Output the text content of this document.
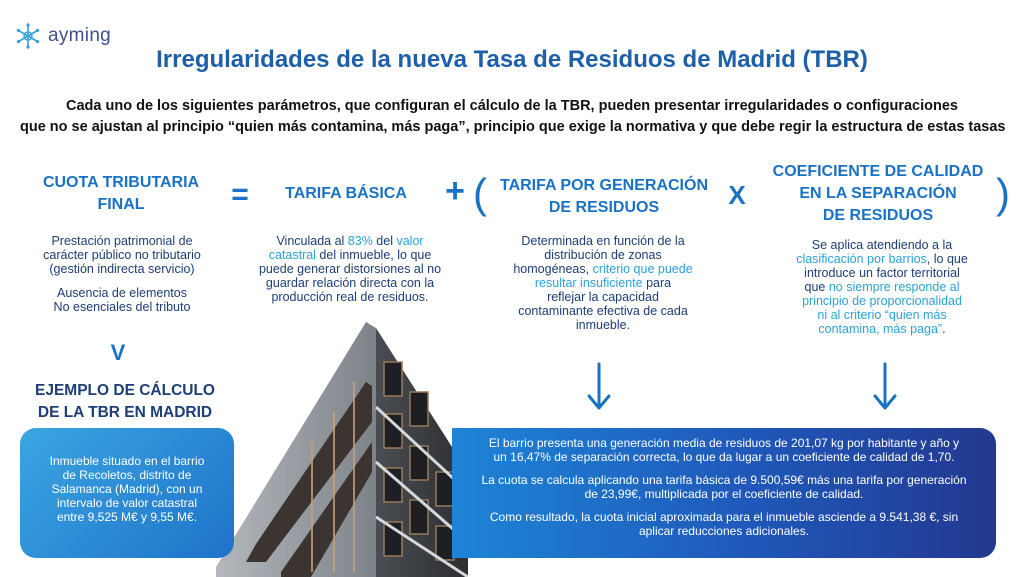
ayming
Irregularidades de la nueva Tasa de Residuos de Madrid (TBR)
Cada uno de los siguientes parámetros, que configuran el cálculo de la TBR, pueden presentar irregularidades o configuraciones
que no se ajustan al principio “quien más contamina, más paga”, principio que exige la normativa y que debe regir la estructura de estas tasas
CUOTA TRIBUTARIA
FINAL	=	TARIFA BÁSICA	+ ( TARIFA POR GENERACIÓN
DE RESIDUOS	X
COEFICIENTE DE CALIDAD
EN LA SEPARACIÓN
DE RESIDUOS	)
Prestación patrimonial de
carácter público no tributario
(gestión indirecta servicio)
Ausencia de elementos
No esenciales del tributo
Vinculada al 83% del valor
catastral del inmueble, lo que
puede generar distorsiones al no
guardar relación directa con la
producción real de residuos.
Determinada en función de la
distribución de zonas
homogéneas, criterio que puede
resultar insuficiente para
reflejar la capacidad
contaminante efectiva de cada
inmueble.
Se aplica atendiendo a la
clasificación por barrios, lo que
introduce un factor territorial
que no siempre responde al
principio de proporcionalidad
ni al criterio “quien más
contamina, más paga”.
V
EJEMPLO DE CÁLCULO
DE LA TBR EN MADRID
Inmueble situado en el barrio
de Recoletos, distrito de
Salamanca (Madrid), con un
intervalo de valor catastral
entre 9,525 M€ y 9,55 M€.
El barrio presenta una generación media de residuos de 201,07 kg por habitante y año y
un 16,47% de separación correcta, lo que da lugar a un coeficiente de calidad de 1,70.
La cuota se calcula aplicando una tarifa básica de 9.500,59€ más una tarifa por generación
de 23,99€, multiplicada por el coeficiente de calidad.
Como resultado, la cuota inicial aproximada para el inmueble asciende a 9.541,38 €, sin
aplicar reducciones adicionales.
